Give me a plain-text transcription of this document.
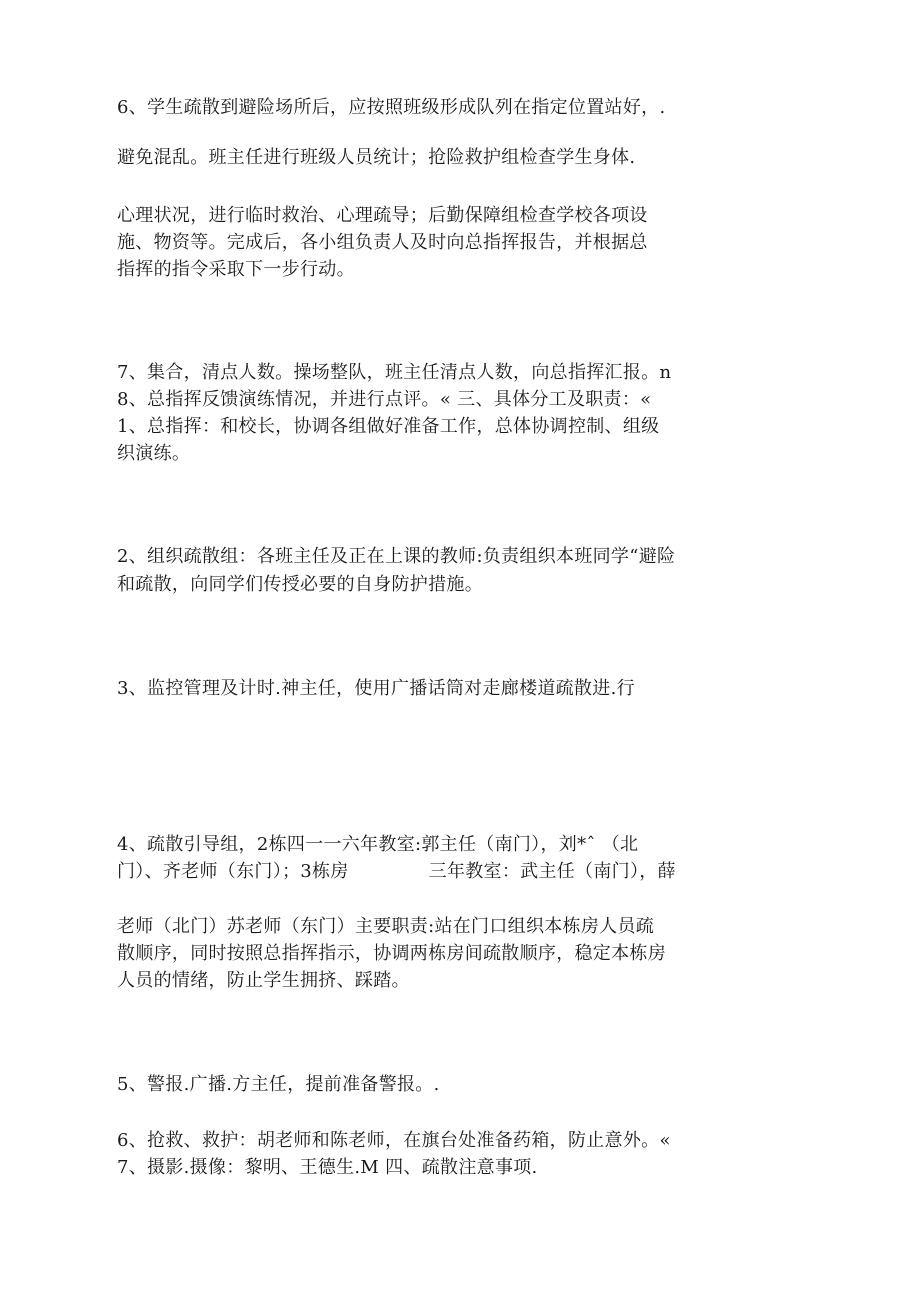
6、学生疏散到避险场所后，应按照班级形成队列在指定位置站好，.
避免混乱。班主任进行班级人员统计；抢险救护组检查学生身体.
心理状况，进行临时救治、心理疏导；后勤保障组检查学校各项设
施、物资等。完成后，各小组负责人及时向总指挥报告，并根据总
指挥的指令采取下一步行动。
7、集合，清点人数。操场整队，班主任清点人数，向总指挥汇报。n
8、总指挥反馈演练情况，并进行点评。« 三、具体分工及职责：«
1、总指挥：和校长，协调各组做好准备工作，总体协调控制、组级
织演练。
2、组织疏散组：各班主任及正在上课的教师:负责组织本班同学“避险
和疏散，向同学们传授必要的自身防护措施。
3、监控管理及计时.神主任，使用广播话筒对走廊楼道疏散进.行
4、疏散引导组，2栋四一一六年教室:郭主任（南门），刘*ˆ （北
门）、齐老师（东门）；3栋房	三年教室：武主任（南门），薛
老师（北门）苏老师（东门）主要职责:站在门口组织本栋房人员疏
散顺序，同时按照总指挥指示，协调两栋房间疏散顺序，稳定本栋房
人员的情绪，防止学生拥挤、踩踏。
5、警报.广播.方主任，提前准备警报。.
6、抢救、救护：胡老师和陈老师，在旗台处准备药箱，防止意外。«
7、摄影.摄像：黎明、王德生.M 四、疏散注意事项.
